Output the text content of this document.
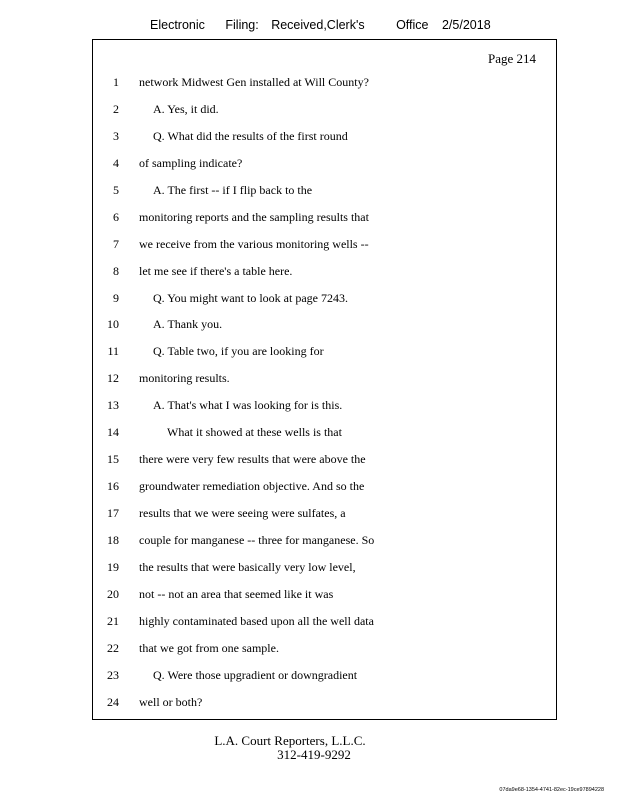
Electronic Filing: Received,Clerk's	Office 2/5/2018
Page 214
1 network Midwest Gen installed at Will County?
2	A. Yes, it did.
3	Q. What did the results of the first round
4 of sampling indicate?
5	A. The first -- if I flip back to the
6 monitoring reports and the sampling results that
7 we receive from the various monitoring wells --
8 let me see if there's a table here.
9	Q. You might want to look at page 7243.
10	A. Thank you.
11	Q. Table two, if you are looking for
12 monitoring results.
13	A. That's what I was looking for is this.
14	What it showed at these wells is that
15 there were very few results that were above the
16 groundwater remediation objective. And so the
17 results that we were seeing were sulfates, a
18 couple for manganese -- three for manganese. So
19 the results that were basically very low level,
20 not -- not an area that seemed like it was
21 highly contaminated based upon all the well data
22 that we got from one sample.
23	Q. Were those upgradient or downgradient
24 well or both?
L.A. Court Reporters, L.L.C.
312-419-9292
07da9e68-1354-4741-82ec-19ce97894228
